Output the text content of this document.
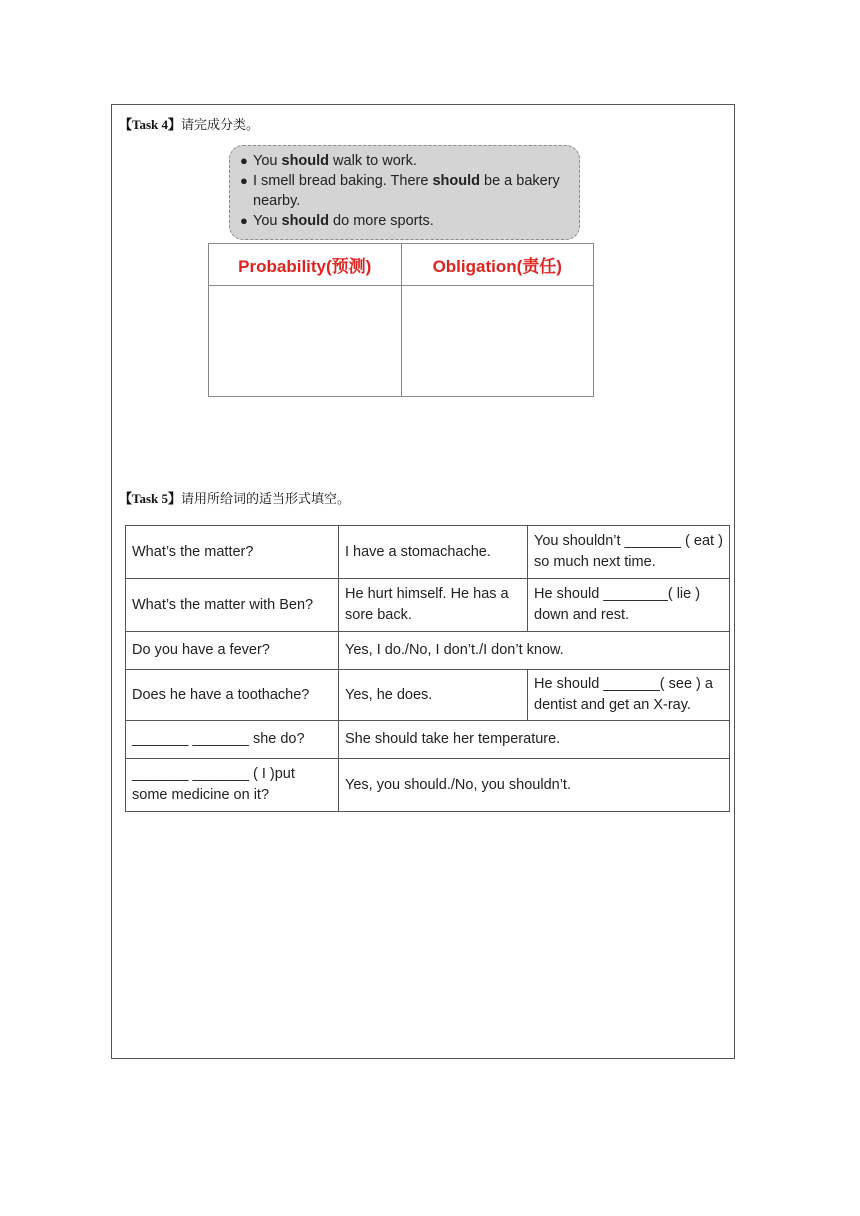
【Task 4】请完成分类。
● You should walk to work.
● I smell bread baking. There should be a bakery nearby.
● You should do more sports.
Probability(预测)	Obligation(责任)

【Task 5】请用所给词的适当形式填空。
What’s the matter?	I have a stomachache.	You shouldn’t _______ ( eat ) so much next time.
What’s the matter with Ben?	He hurt himself. He has a sore back.	He should ________( lie ) down and rest.
Do you have a fever?	Yes, I do./No, I don’t./I don’t know.	
Does he have a toothache?	Yes, he does.	He should _______( see ) a dentist and get an X-ray.
_______ _______ she do?	She should take her temperature.	
_______ _______ ( I )put some medicine on it?	Yes, you should./No, you shouldn’t.	
